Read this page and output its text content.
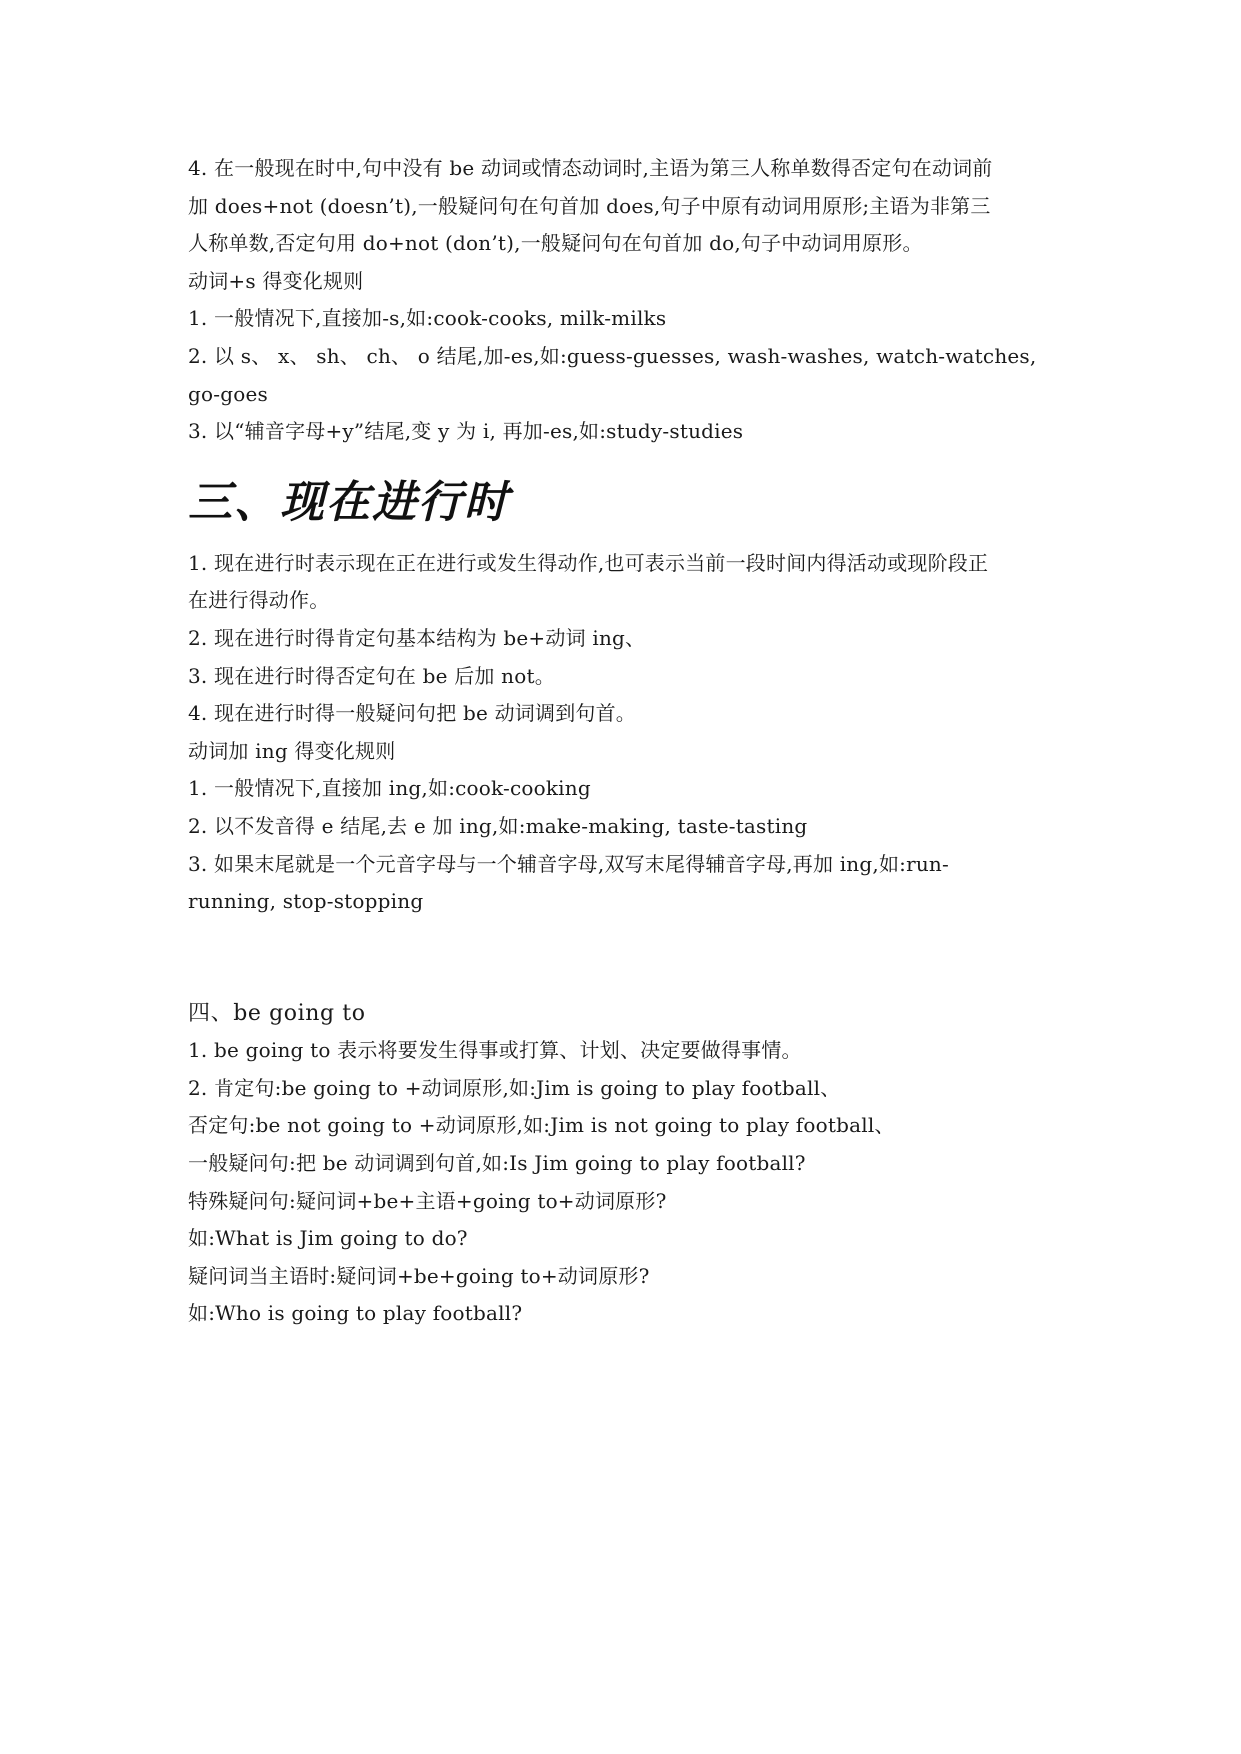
4. 在一般现在时中,句中没有 be 动词或情态动词时,主语为第三人称单数得否定句在动词前
加 does+not (doesn’t),一般疑问句在句首加 does,句子中原有动词用原形;主语为非第三
人称单数,否定句用 do+not (don’t),一般疑问句在句首加 do,句子中动词用原形。
动词+s 得变化规则
1. 一般情况下,直接加-s,如:cook-cooks, milk-milks
2. 以 s、 x、 sh、 ch、 o 结尾,加-es,如:guess-guesses, wash-washes, watch-watches,
go-goes
3. 以“辅音字母+y”结尾,变 y 为 i, 再加-es,如:study-studies
三、现在进行时
1. 现在进行时表示现在正在进行或发生得动作,也可表示当前一段时间内得活动或现阶段正
在进行得动作。
2. 现在进行时得肯定句基本结构为 be+动词 ing、
3. 现在进行时得否定句在 be 后加 not。
4. 现在进行时得一般疑问句把 be 动词调到句首。
动词加 ing 得变化规则
1. 一般情况下,直接加 ing,如:cook-cooking
2. 以不发音得 e 结尾,去 e 加 ing,如:make-making, taste-tasting
3. 如果末尾就是一个元音字母与一个辅音字母,双写末尾得辅音字母,再加 ing,如:run-
running, stop-stopping
四、be going to
1. be going to 表示将要发生得事或打算、计划、决定要做得事情。
2. 肯定句:be going to +动词原形,如:Jim is going to play football、
否定句:be not going to +动词原形,如:Jim is not going to play football、
一般疑问句:把 be 动词调到句首,如:Is Jim going to play football?
特殊疑问句:疑问词+be+主语+going to+动词原形?
如:What is Jim going to do?
疑问词当主语时:疑问词+be+going to+动词原形?
如:Who is going to play football?
